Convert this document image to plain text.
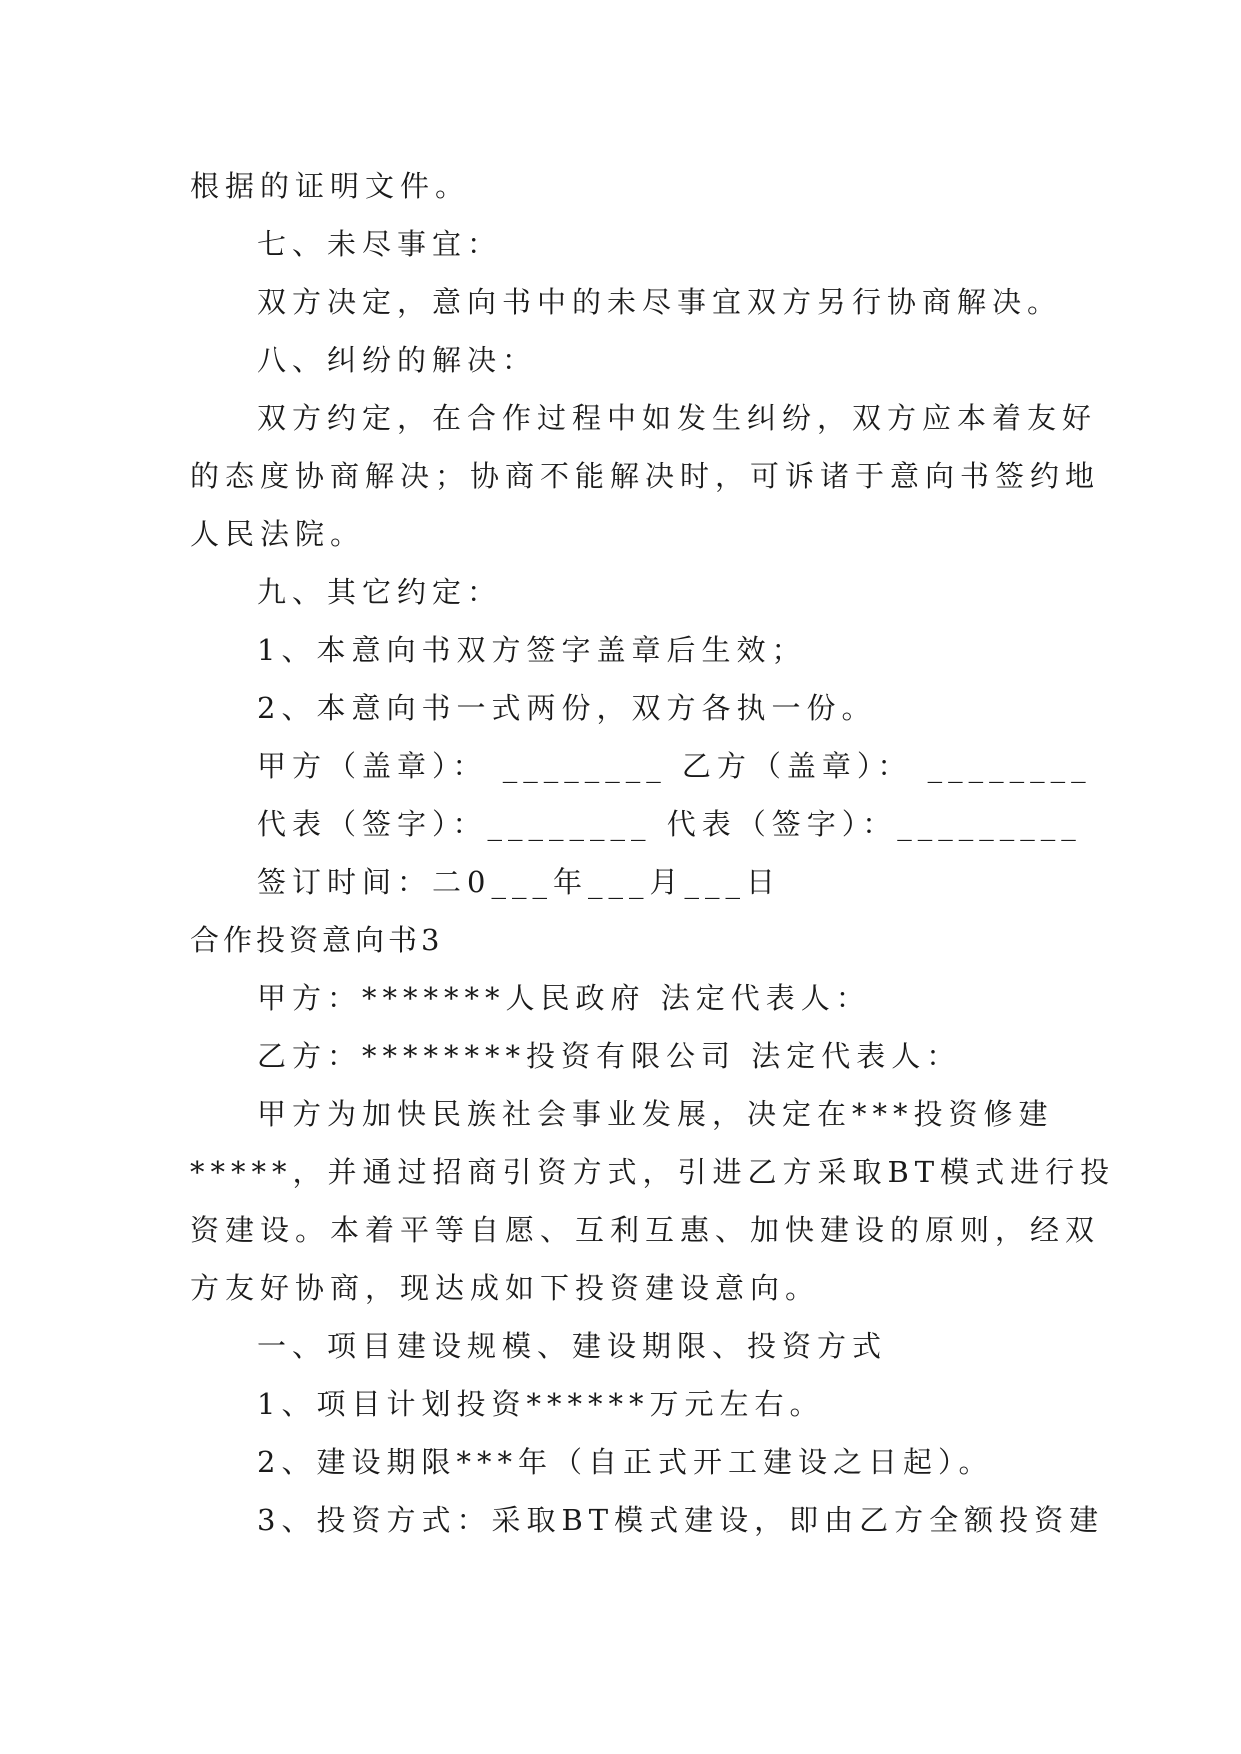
根据的证明文件。
七、未尽事宜：
双方决定，意向书中的未尽事宜双方另行协商解决。
八、纠纷的解决：
双方约定，在合作过程中如发生纠纷，双方应本着友好
的态度协商解决；协商不能解决时，可诉诸于意向书签约地
人民法院。
九、其它约定：
1、本意向书双方签字盖章后生效；
2、本意向书一式两份，双方各执一份。
甲方（盖章）： ________ 乙方（盖章）： ________
代表（签字）：________ 代表（签字）：_________
签订时间：二0___年___月___日
合作投资意向书3
甲方：*******人民政府 法定代表人：
乙方：********投资有限公司 法定代表人：
甲方为加快民族社会事业发展，决定在***投资修建
*****，并通过招商引资方式，引进乙方采取BT模式进行投
资建设。本着平等自愿、互利互惠、加快建设的原则，经双
方友好协商，现达成如下投资建设意向。
一、项目建设规模、建设期限、投资方式
1、项目计划投资******万元左右。
2、建设期限***年（自正式开工建设之日起）。
3、投资方式：采取BT模式建设，即由乙方全额投资建
